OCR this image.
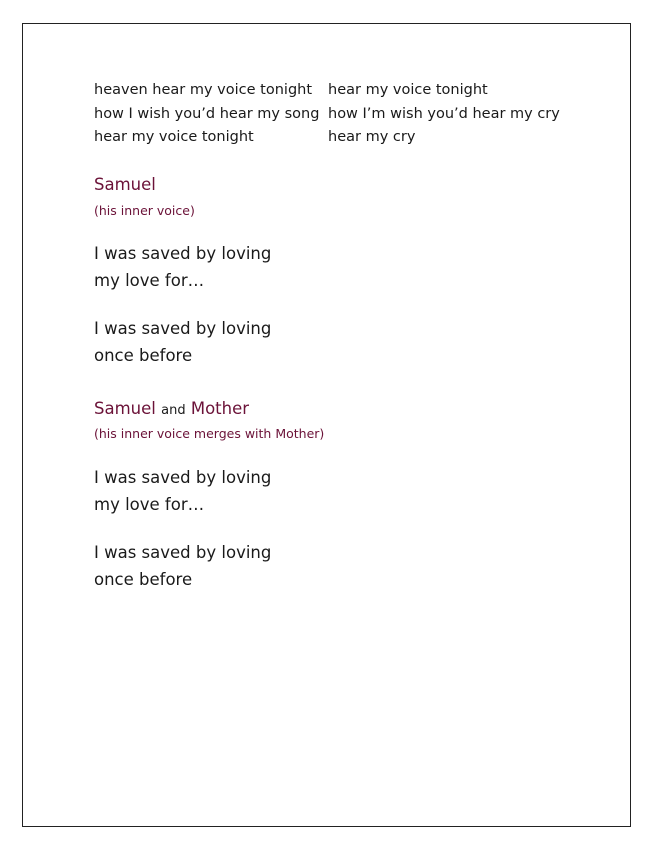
heaven hear my voice tonight
how I wish you’d hear my song
hear my voice tonight
hear my voice tonight
how I’m wish you’d hear my cry
hear my cry
Samuel
(his inner voice)
I was saved by loving
my love for…
I was saved by loving
once before
Samuel and Mother
(his inner voice merges with Mother)
I was saved by loving
my love for…
I was saved by loving
once before
